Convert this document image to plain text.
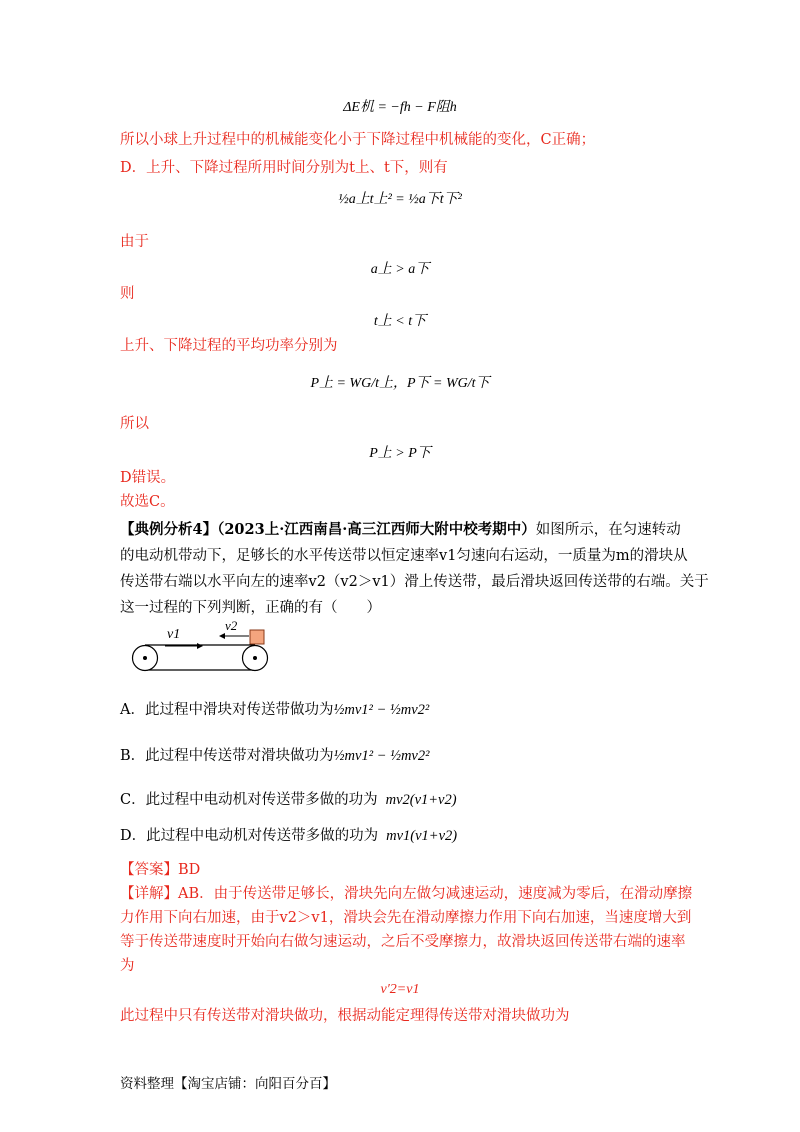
ΔE机 = −fh − F阻h
所以小球上升过程中的机械能变化小于下降过程中机械能的变化，C正确；
D．上升、下降过程所用时间分别为t上、t下，则有
½a上t上² = ½a下t下²
由于
a上 > a下
则
t上 < t下
上升、下降过程的平均功率分别为
P上 = WG/t上，P下 = WG/t下
所以
P上 > P下
D错误。
故选C。
【典例分析4】（2023上·江西南昌·高三江西师大附中校考期中）如图所示，在匀速转动
的电动机带动下，足够长的水平传送带以恒定速率v1匀速向右运动，一质量为m的滑块从
传送带右端以水平向左的速率v2（v2＞v1）滑上传送带，最后滑块返回传送带的右端。关于
这一过程的下列判断，正确的有（　　）
v1
v2
A．此过程中滑块对传送带做功为½mv1² − ½mv2²
B．此过程中传送带对滑块做功为½mv1² − ½mv2²
C．此过程中电动机对传送带多做的功为 mv2(v1+v2)
D．此过程中电动机对传送带多做的功为 mv1(v1+v2)
【答案】BD
【详解】AB．由于传送带足够长，滑块先向左做匀减速运动，速度减为零后，在滑动摩擦
力作用下向右加速，由于v2＞v1，滑块会先在滑动摩擦力作用下向右加速，当速度增大到
等于传送带速度时开始向右做匀速运动，之后不受摩擦力，故滑块返回传送带右端的速率
为
v′2=v1
此过程中只有传送带对滑块做功，根据动能定理得传送带对滑块做功为
资料整理【淘宝店铺：向阳百分百】
